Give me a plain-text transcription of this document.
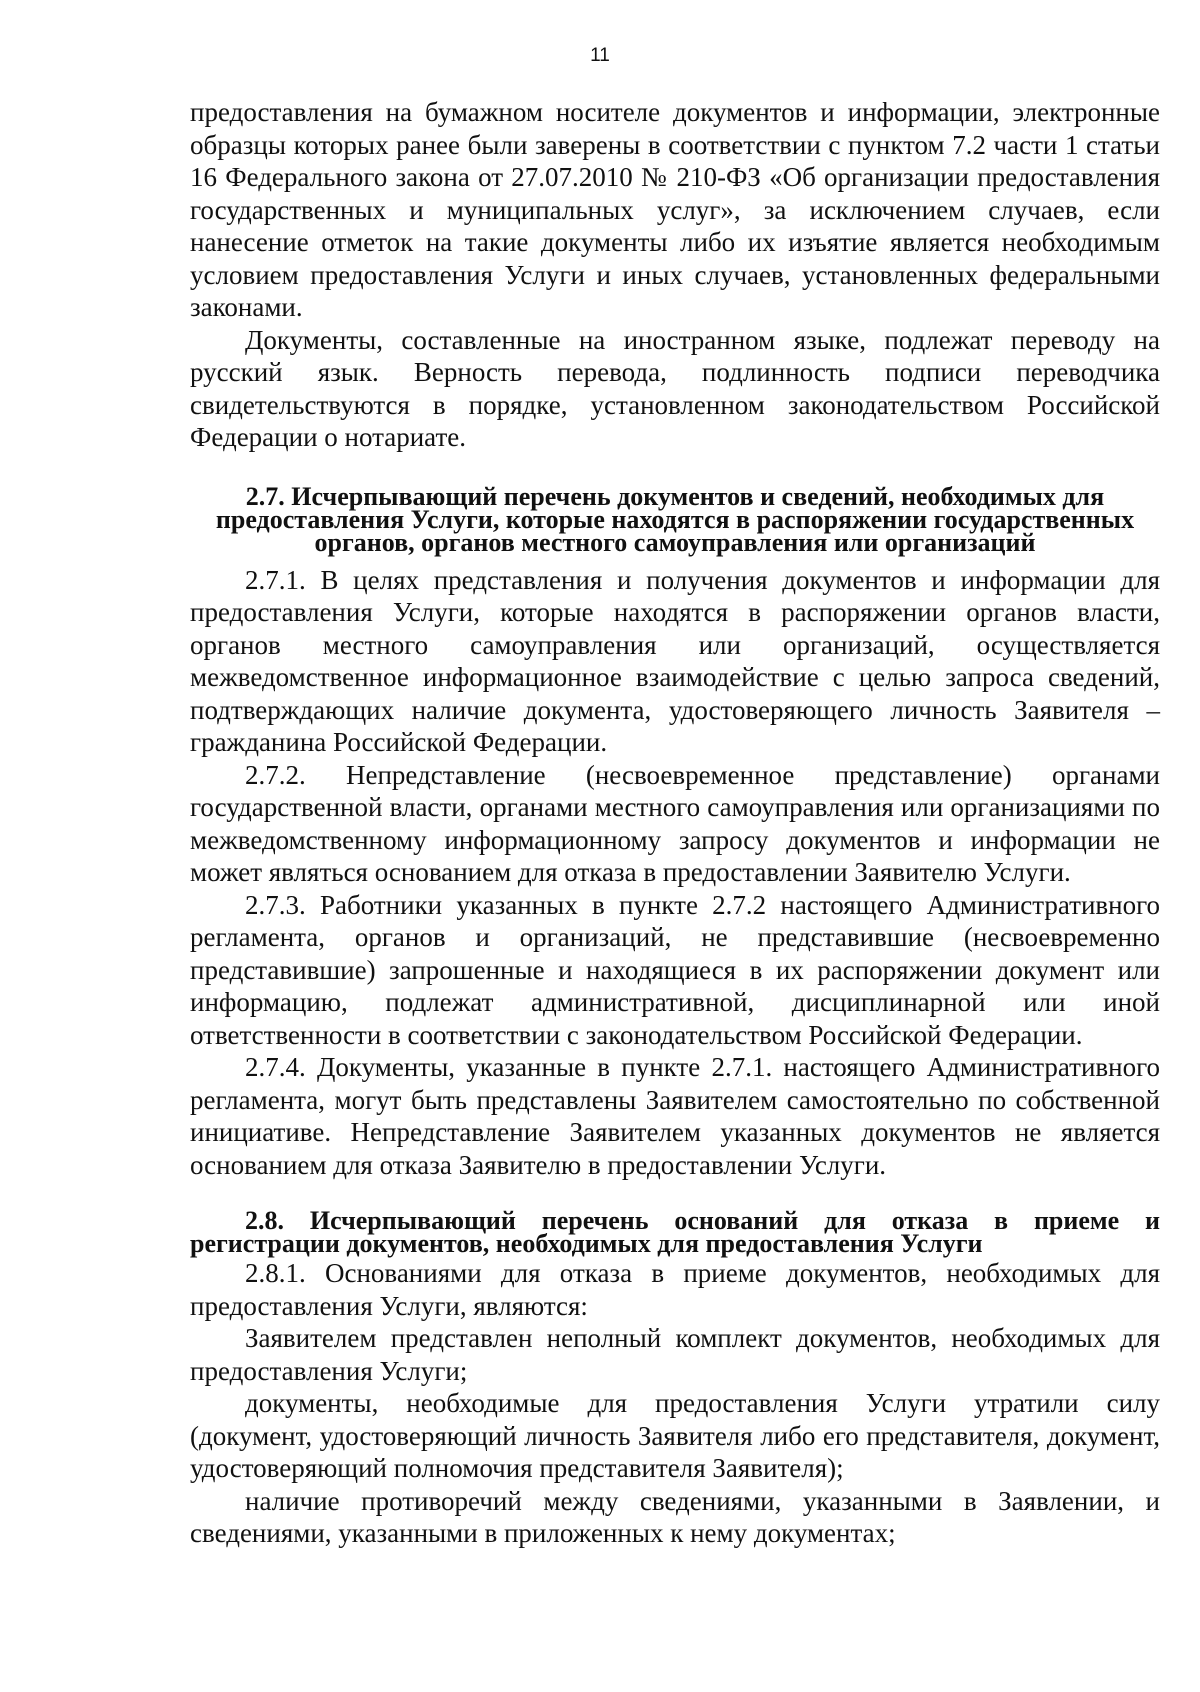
11

предоставления на бумажном носителе документов и информации, электронные образцы которых ранее были заверены в соответствии с пунктом 7.2 части 1 статьи 16 Федерального закона от 27.07.2010 № 210-ФЗ «Об организации предоставления государственных и муниципальных услуг», за исключением случаев, если нанесение отметок на такие документы либо их изъятие является необходимым условием предоставления Услуги и иных случаев, установленных федеральными законами.

Документы, составленные на иностранном языке, подлежат переводу на русский язык. Верность перевода, подлинность подписи переводчика свидетельствуются в порядке, установленном законодательством Российской Федерации о нотариате.

2.7. Исчерпывающий перечень документов и сведений, необходимых для предоставления Услуги, которые находятся в распоряжении государственных органов, органов местного самоуправления или организаций

2.7.1. В целях представления и получения документов и информации для предоставления Услуги, которые находятся в распоряжении органов власти, органов местного самоуправления или организаций, осуществляется межведомственное информационное взаимодействие с целью запроса сведений, подтверждающих наличие документа, удостоверяющего личность Заявителя – гражданина Российской Федерации.

2.7.2. Непредставление (несвоевременное представление) органами государственной власти, органами местного самоуправления или организациями по межведомственному информационному запросу документов и информации не может являться основанием для отказа в предоставлении Заявителю Услуги.

2.7.3. Работники указанных в пункте 2.7.2 настоящего Административного регламента, органов и организаций, не представившие (несвоевременно представившие) запрошенные и находящиеся в их распоряжении документ или информацию, подлежат административной, дисциплинарной или иной ответственности в соответствии с законодательством Российской Федерации.

2.7.4. Документы, указанные в пункте 2.7.1. настоящего Административного регламента, могут быть представлены Заявителем самостоятельно по собственной инициативе. Непредставление Заявителем указанных документов не является основанием для отказа Заявителю в предоставлении Услуги.

2.8. Исчерпывающий перечень оснований для отказа в приеме и регистрации документов, необходимых для предоставления Услуги

2.8.1. Основаниями для отказа в приеме документов, необходимых для предоставления Услуги, являются:

Заявителем представлен неполный комплект документов, необходимых для предоставления Услуги;

документы, необходимые для предоставления Услуги утратили силу (документ, удостоверяющий личность Заявителя либо его представителя, документ, удостоверяющий полномочия представителя Заявителя);

наличие противоречий между сведениями, указанными в Заявлении, и сведениями, указанными в приложенных к нему документах;
